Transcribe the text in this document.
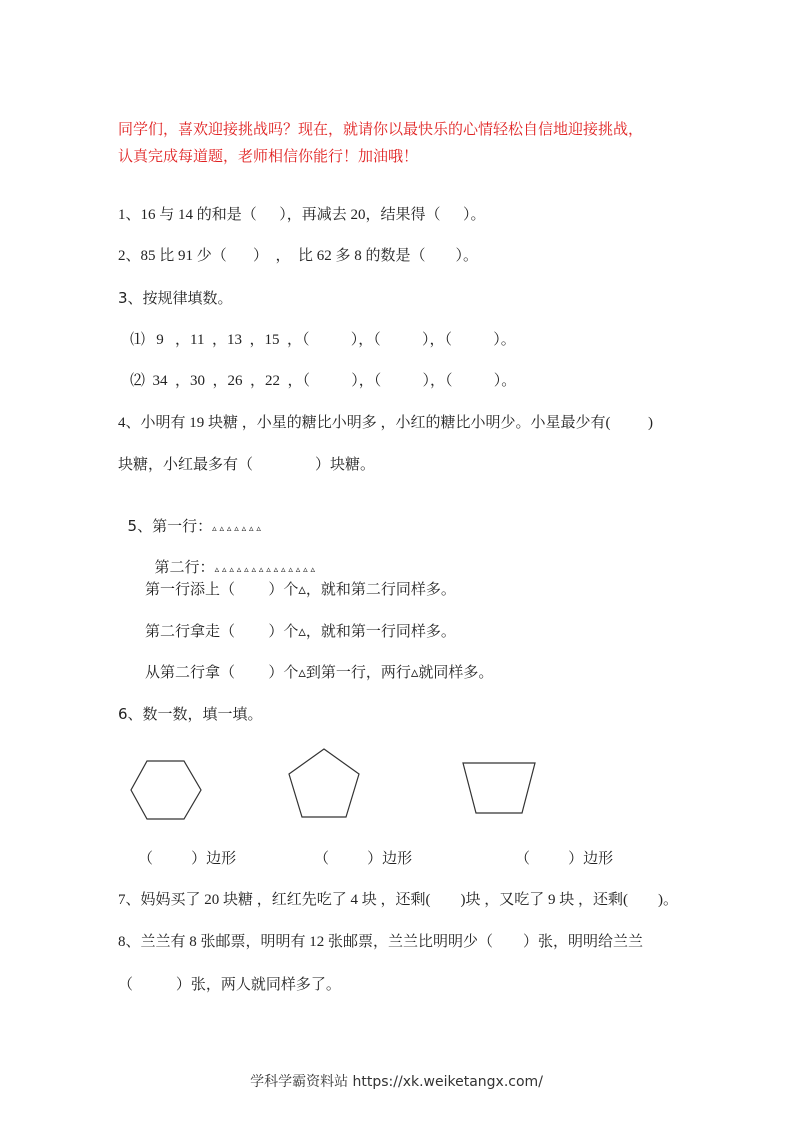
同学们，喜欢迎接挑战吗？现在，就请你以最快乐的心情轻松自信地迎接挑战，
认真完成每道题，老师相信你能行！加油哦！
1、16 与 14 的和是（      ），再减去 20，结果得（      ）。
2、85 比 91 少（       ）  ，  比 62 多 8 的数是（        ）。
3、按规律填数。
⑴   9   ，11  ，13  ，15  ，（           ），（           ），（           ）。
⑵  34  ，30  ，26  ，22  ，（           ），（           ），（           ）。
4、小明有 19 块糖 ，小星的糖比小明多 ，小红的糖比小明少。小星最少有(          )
块糖，小红最多有（             ）块糖。

5、第一行：▵ ▵ ▵ ▵ ▵ ▵ ▵

第二行：▵ ▵ ▵ ▵ ▵ ▵ ▵ ▵ ▵ ▵ ▵ ▵ ▵ ▵

第一行添上（       ）个▵，就和第二行同样多。
第二行拿走（       ）个▵，就和第一行同样多。
从第二行拿（       ）个▵到第一行，两行▵就同样多。
6、数一数，填一填。
（        ）边形	（        ）边形	（        ）边形
7、妈妈买了 20 块糖 ，红红先吃了 4 块 ，还剩(        )块 ，又吃了 9 块 ，还剩(        )。
8、兰兰有 8 张邮票，明明有 12 张邮票，兰兰比明明少（        ）张，明明给兰兰
（         ）张，两人就同样多了。
学科学霸资料站 https://xk.weiketangx.com/
